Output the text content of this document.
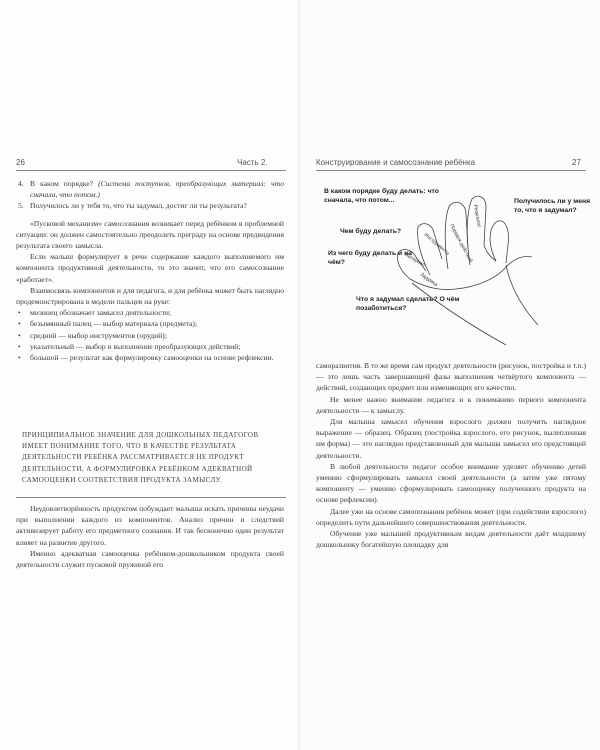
26	Часть 2.

4. В каком порядке? (Система поступков, преобразующих материал: что сначала, что потом.)

5. Получилось ли у тебя то, что ты задумал, достиг ли ты результата?

«Пусковой механизм» самосознания возникает перед ребёнком в проблемной ситуации: он должен самостоятельно преодолеть преграду на основе предвидения результата своего замысла.

Если малыш формулирует в речи содержание каждого выполняемого им компонента продуктивной деятельности, то это значит, что его самосознание «работает».

Взаимосвязь компонентов и для педагога, и для ребёнка может быть наглядно продемонстрирована в модели пальцев на руке:

• мизинец обозначает замысел деятельности;

• безымянный палец — выбор материала (предмета);

• средний — выбор инструментов (орудий);

• указательный — выбор и выполнение преобразующих действий;

• большой — результат как формулировку самооценки на основе рефлексии.

ПРИНЦИПИАЛЬНОЕ ЗНАЧЕНИЕ ДЛЯ ДОШКОЛЬНЫХ ПЕДАГОГОВ

ИМЕЕТ ПОНИМАНИЕ ТОГО, ЧТО В КАЧЕСТВЕ РЕЗУЛЬТАТА

ДЕЯТЕЛЬНОСТИ РЕБЁНКА РАССМАТРИВАЕТСЯ НЕ ПРОДУКТ

ДЕЯТЕЛЬНОСТИ, А ФОРМУЛИРОВКА РЕБЁНКОМ АДЕКВАТНОЙ

САМООЦЕНКИ СООТВЕТСТВИЯ ПРОДУКТА ЗАМЫСЛУ.

Неудовлетворённость продуктом побуждает малыша искать причины неудачи при выполнении каждого из компонентов. Анализ причин и следствий активизирует работу его предметного сознания. И так бесконечно один результат влияет на развитие другого.

Именно адекватная самооценка ребёнком-дошкольником продукта своей деятельности служит пусковой пружиной его

Конструирование и самосознание ребёнка	27
Порядок действий
Результат
Инструменты
Материал
Задумка
В каком порядке буду делать: что сначала, что потом...	Получилось ли у меня то, что я задумал?
Чем буду делать?
Из чего буду делать и на чём?
Что я задумал сделать? О чём позаботиться?

саморазвития. В то же время сам продукт деятельности (рисунок, постройка и т.п.) — это лишь часть завершающей фазы выполнения четвёртого компонента — действий, создающих предмет или изменяющих его качество.

Не менее важно внимание педагога и к пониманию первого компонента деятельности — к замыслу.

Для малыша замысел обучения взрослого должен получить наглядное выражение — образец. Образец (постройка взрослого, его рисунок, вылепленная им форма) — это наглядно представленный для малыша замысел его предстоящей деятельности.

В любой деятельности педагог особое внимание уделяет обучению детей умению сформулировать замысел своей деятельности (а затем уже пятому компоненту — умению сформулировать самооценку полученного продукта на основе рефлексии).

Далее уже на основе самопознания ребёнок может (при содействии взрослого) определить пути дальнейшего совершенствования деятельности.

Обучение уже малышей продуктивным видам деятельности даёт младшему дошкольнику богатейшую площадку для
